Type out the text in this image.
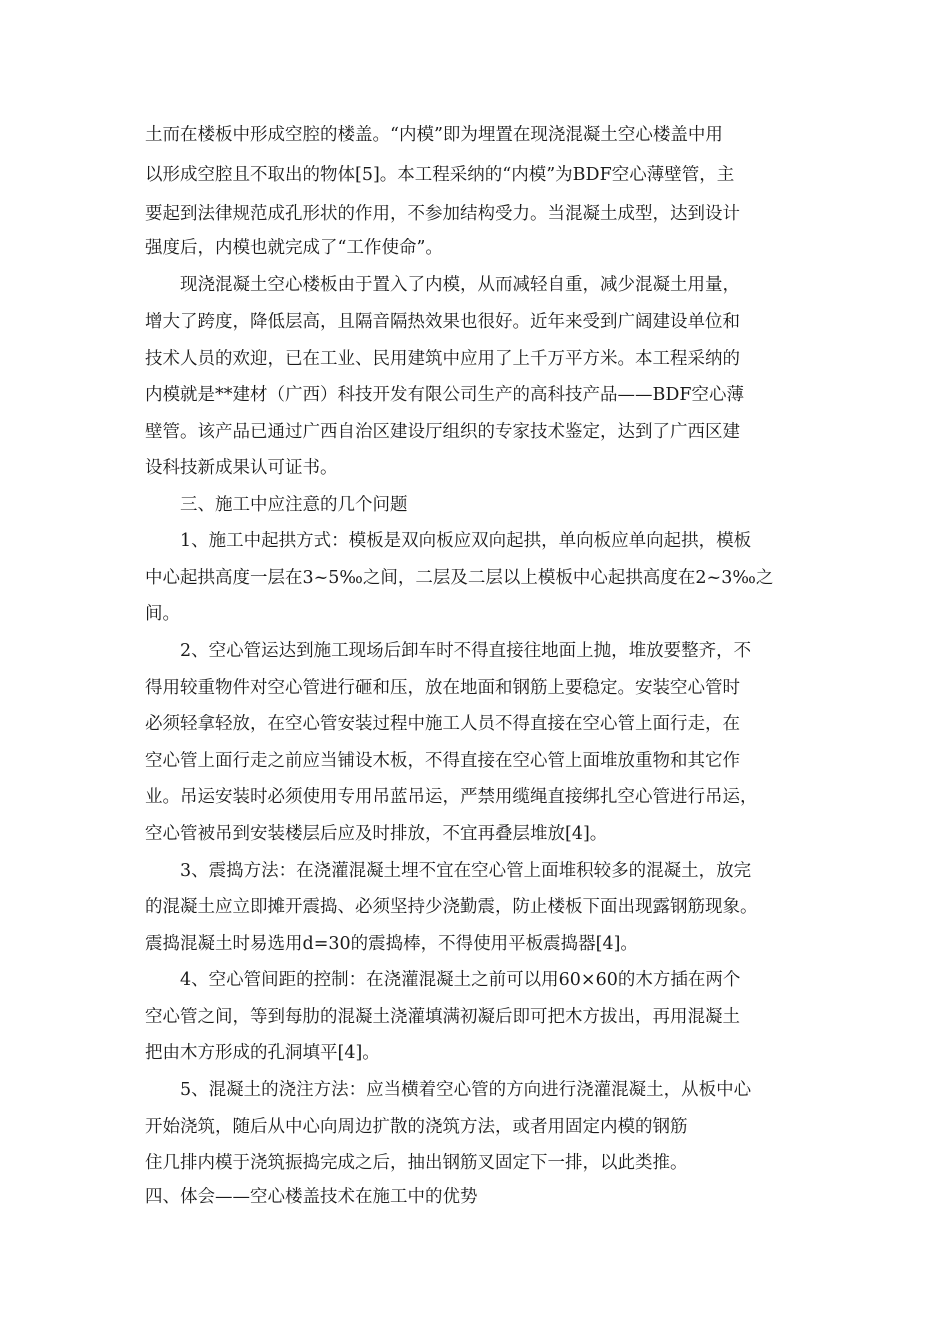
土而在楼板中形成空腔的楼盖。“内模”即为埋置在现浇混凝土空心楼盖中用
以形成空腔且不取出的物体[5]。本工程采纳的“内模”为BDF空心薄壁管，主
要起到法律规范成孔形状的作用，不参加结构受力。当混凝土成型，达到设计
强度后，内模也就完成了“工作使命”。
现浇混凝土空心楼板由于置入了内模，从而减轻自重，减少混凝土用量，
增大了跨度，降低层高，且隔音隔热效果也很好。近年来受到广阔建设单位和
技术人员的欢迎，已在工业、民用建筑中应用了上千万平方米。本工程采纳的
内模就是**建材（广西）科技开发有限公司生产的高科技产品——BDF空心薄
壁管。该产品已通过广西自治区建设厅组织的专家技术鉴定，达到了广西区建
设科技新成果认可证书。
三、施工中应注意的几个问题
1、施工中起拱方式：模板是双向板应双向起拱，单向板应单向起拱，模板
中心起拱高度一层在3~5‰之间，二层及二层以上模板中心起拱高度在2~3‰之
间。
2、空心管运达到施工现场后卸车时不得直接往地面上抛，堆放要整齐，不
得用较重物件对空心管进行砸和压，放在地面和钢筋上要稳定。安装空心管时
必须轻拿轻放，在空心管安装过程中施工人员不得直接在空心管上面行走，在
空心管上面行走之前应当铺设木板，不得直接在空心管上面堆放重物和其它作
业。吊运安装时必须使用专用吊蓝吊运，严禁用缆绳直接绑扎空心管进行吊运，
空心管被吊到安装楼层后应及时排放，不宜再叠层堆放[4]。
3、震捣方法：在浇灌混凝土埋不宜在空心管上面堆积较多的混凝土，放完
的混凝土应立即摊开震捣、必须坚持少浇勤震，防止楼板下面出现露钢筋现象。
震捣混凝土时易选用d=30的震捣棒，不得使用平板震捣器[4]。
4、空心管间距的控制：在浇灌混凝土之前可以用60×60的木方插在两个
空心管之间，等到每肋的混凝土浇灌填满初凝后即可把木方拔出，再用混凝土
把由木方形成的孔洞填平[4]。
5、混凝土的浇注方法：应当横着空心管的方向进行浇灌混凝土，从板中心
开始浇筑，随后从中心向周边扩散的浇筑方法，或者用固定内模的钢筋
住几排内模于浇筑振捣完成之后，抽出钢筋叉固定下一排，以此类推。
四、体会——空心楼盖技术在施工中的优势
